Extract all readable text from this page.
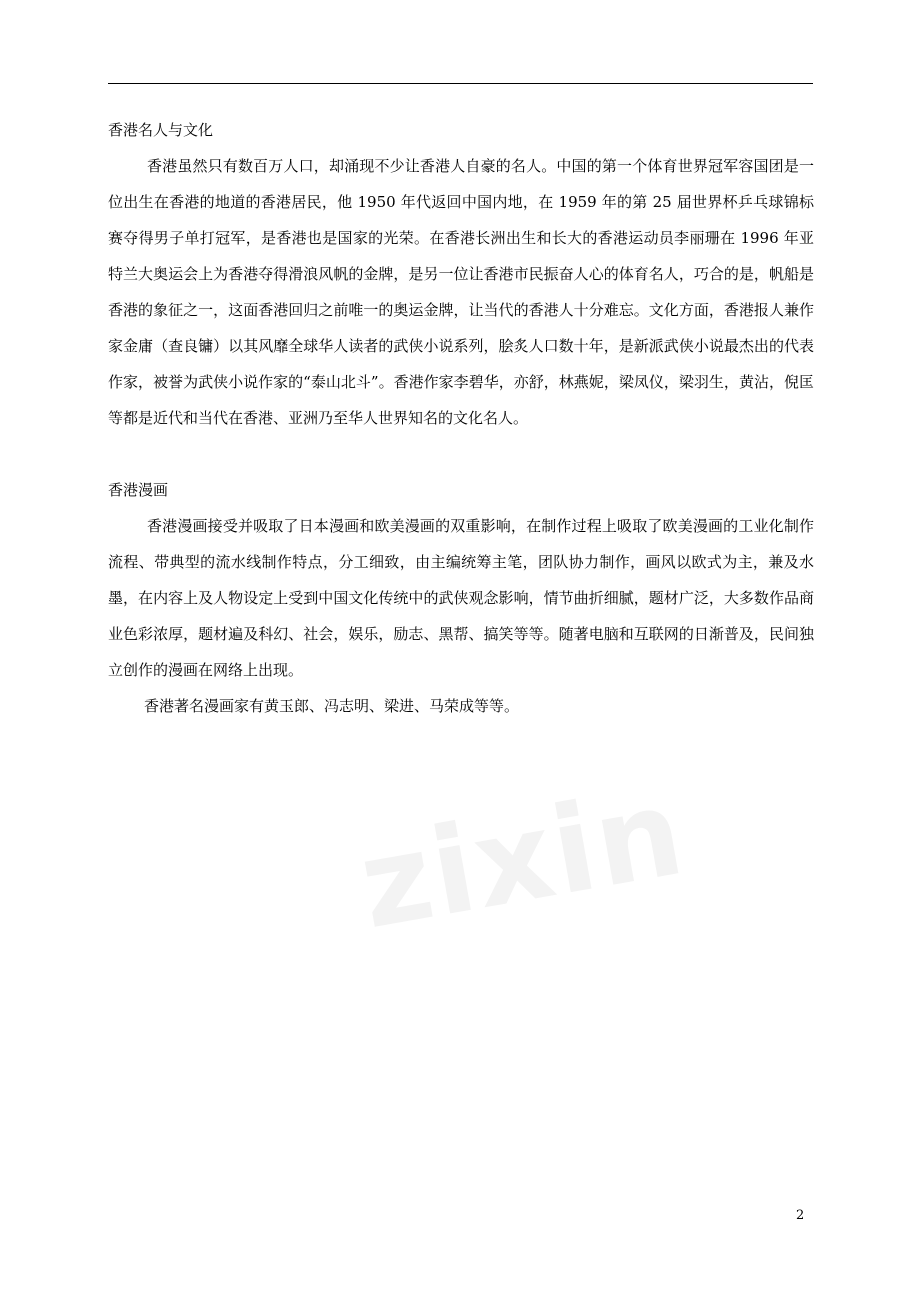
zixin
香港名人与文化

香港虽然只有数百万人口，却涌现不少让香港人自豪的名人。中国的第一个体育世界冠军容国团是一位出生在香港的地道的香港居民，他 1950 年代返回中国内地，在 1959 年的第 25 届世界杯乒乓球锦标赛夺得男子单打冠军，是香港也是国家的光荣。在香港长洲出生和长大的香港运动员李丽珊在 1996 年亚特兰大奥运会上为香港夺得滑浪风帆的金牌，是另一位让香港市民振奋人心的体育名人，巧合的是，帆船是香港的象征之一，这面香港回归之前唯一的奥运金牌，让当代的香港人十分难忘。文化方面，香港报人兼作家金庸（查良镛）以其风靡全球华人读者的武侠小说系列，脍炙人口数十年，是新派武侠小说最杰出的代表作家，被誉为武侠小说作家的“泰山北斗”。香港作家李碧华，亦舒，林燕妮，梁凤仪，梁羽生，黄沾，倪匡等都是近代和当代在香港、亚洲乃至华人世界知名的文化名人。

香港漫画

香港漫画接受并吸取了日本漫画和欧美漫画的双重影响，在制作过程上吸取了欧美漫画的工业化制作流程、带典型的流水线制作特点，分工细致，由主编统筹主笔，团队协力制作，画风以欧式为主，兼及水墨，在内容上及人物设定上受到中国文化传统中的武侠观念影响，情节曲折细腻，题材广泛，大多数作品商业色彩浓厚，题材遍及科幻、社会，娱乐，励志、黑帮、搞笑等等。随著电脑和互联网的日渐普及，民间独立创作的漫画在网络上出现。

香港著名漫画家有黄玉郎、冯志明、梁进、马荣成等等。

2
